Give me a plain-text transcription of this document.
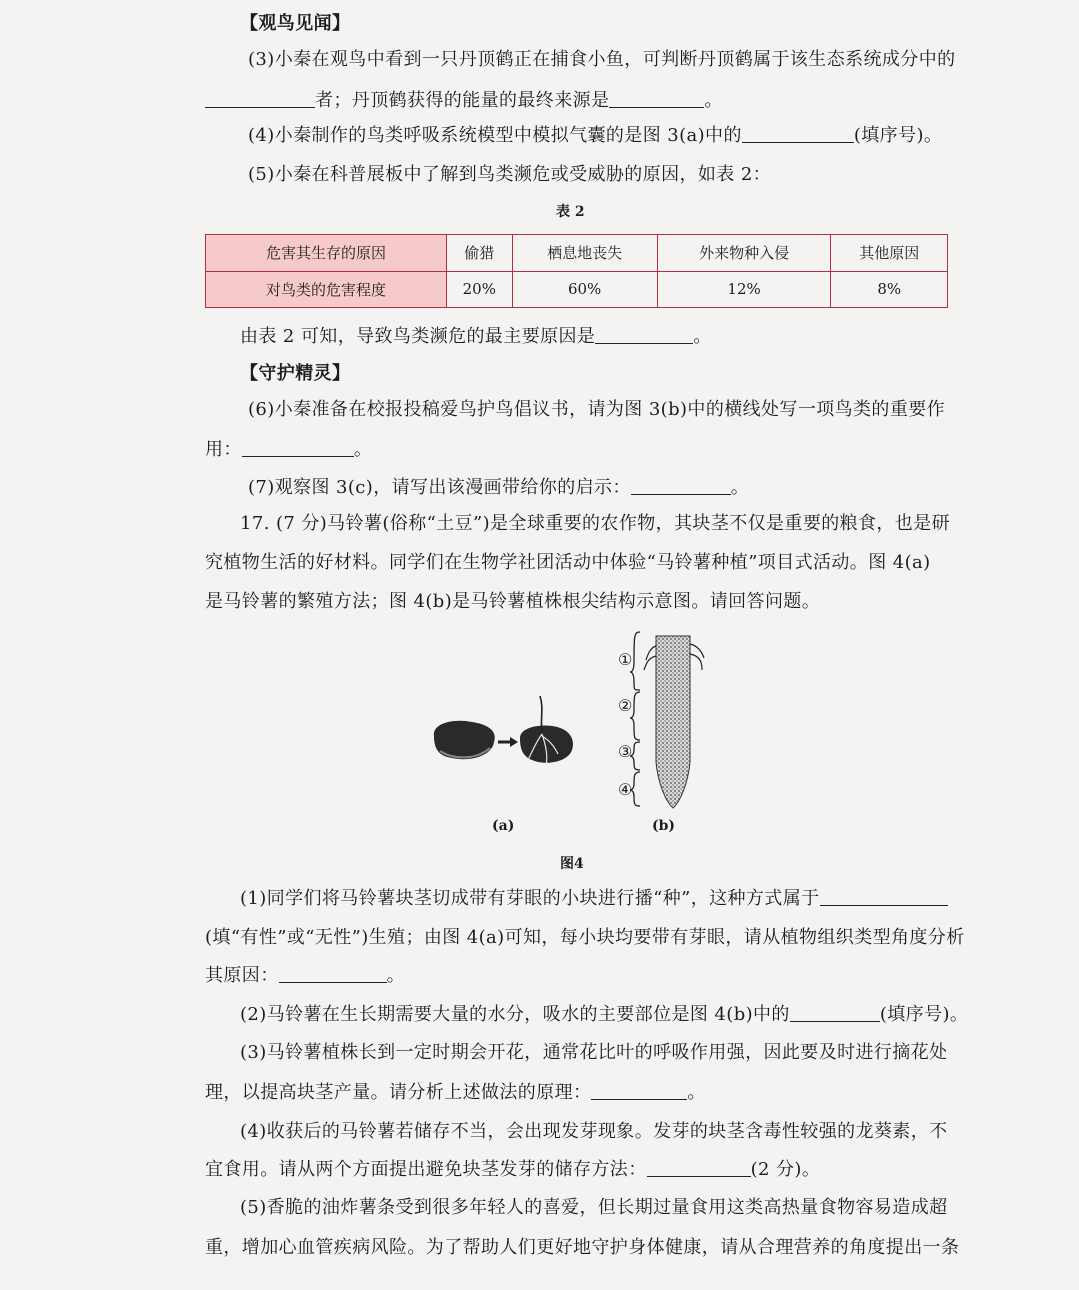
【观鸟见闻】
(3)小秦在观鸟中看到一只丹顶鹤正在捕食小鱼，可判断丹顶鹤属于该生态系统成分中的
者；丹顶鹤获得的能量的最终来源是	。
(4)小秦制作的鸟类呼吸系统模型中模拟气囊的是图 3(a)中的	(填序号)。
(5)小秦在科普展板中了解到鸟类濒危或受威胁的原因，如表 2：
表 2
危害其生存的原因	偷猎	栖息地丧失	外来物种入侵	其他原因
对鸟类的危害程度	20%	60%	12%	8%
由表 2 可知，导致鸟类濒危的最主要原因是	。
【守护精灵】
(6)小秦准备在校报投稿爱鸟护鸟倡议书，请为图 3(b)中的横线处写一项鸟类的重要作
用：	。
(7)观察图 3(c)，请写出该漫画带给你的启示：	。
17. (7 分)马铃薯(俗称“土豆”)是全球重要的农作物，其块茎不仅是重要的粮食，也是研
究植物生活的好材料。同学们在生物学社团活动中体验“马铃薯种植”项目式活动。图 4(a)
是马铃薯的繁殖方法；图 4(b)是马铃薯植株根尖结构示意图。请回答问题。
①
②
③
④
(a)	(b)
图4
(1)同学们将马铃薯块茎切成带有芽眼的小块进行播“种”，这种方式属于
(填“有性”或“无性”)生殖；由图 4(a)可知，每小块均要带有芽眼，请从植物组织类型角度分析
其原因：	。
(2)马铃薯在生长期需要大量的水分，吸水的主要部位是图 4(b)中的	(填序号)。
(3)马铃薯植株长到一定时期会开花，通常花比叶的呼吸作用强，因此要及时进行摘花处
理，以提高块茎产量。请分析上述做法的原理：	。
(4)收获后的马铃薯若储存不当，会出现发芽现象。发芽的块茎含毒性较强的龙葵素，不
宜食用。请从两个方面提出避免块茎发芽的储存方法：	(2 分)。
(5)香脆的油炸薯条受到很多年轻人的喜爱，但长期过量食用这类高热量食物容易造成超
重，增加心血管疾病风险。为了帮助人们更好地守护身体健康，请从合理营养的角度提出一条
